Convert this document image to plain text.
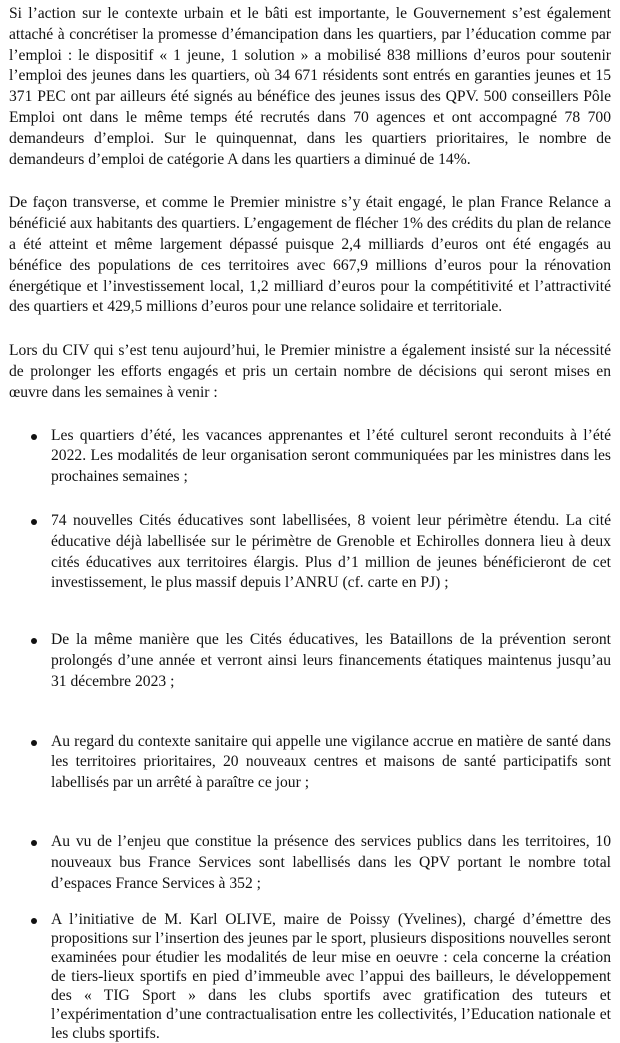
Si l’action sur le contexte urbain et le bâti est importante, le Gouvernement s’est également attaché à concrétiser la promesse d’émancipation dans les quartiers, par l’éducation comme par l’emploi : le dispositif « 1 jeune, 1 solution » a mobilisé 838 millions d’euros pour soutenir l’emploi des jeunes dans les quartiers, où 34 671 résidents sont entrés en garanties jeunes et 15 371 PEC ont par ailleurs été signés au bénéfice des jeunes issus des QPV. 500 conseillers Pôle Emploi ont dans le même temps été recrutés dans 70 agences et ont accompagné 78 700 demandeurs d’emploi. Sur le quinquennat, dans les quartiers prioritaires, le nombre de demandeurs d’emploi de catégorie A dans les quartiers a diminué de 14%.

De façon transverse, et comme le Premier ministre s’y était engagé, le plan France Relance a bénéficié aux habitants des quartiers. L’engagement de flécher 1% des crédits du plan de relance a été atteint et même largement dépassé puisque 2,4 milliards d’euros ont été engagés au bénéfice des populations de ces territoires avec 667,9 millions d’euros pour la rénovation énergétique et l’investissement local, 1,2 milliard d’euros pour la compétitivité et l’attractivité des quartiers et 429,5 millions d’euros pour une relance solidaire et territoriale.

Lors du CIV qui s’est tenu aujourd’hui, le Premier ministre a également insisté sur la nécessité de prolonger les efforts engagés et pris un certain nombre de décisions qui seront mises en œuvre dans les semaines à venir :

Les quartiers d’été, les vacances apprenantes et l’été culturel seront reconduits à l’été 2022. Les modalités de leur organisation seront communiquées par les ministres dans les prochaines semaines ;
74 nouvelles Cités éducatives sont labellisées, 8 voient leur périmètre étendu. La cité éducative déjà labellisée sur le périmètre de Grenoble et Echirolles donnera lieu à deux cités éducatives aux territoires élargis. Plus d’1 million de jeunes bénéficieront de cet investissement, le plus massif depuis l’ANRU (cf. carte en PJ) ;
De la même manière que les Cités éducatives, les Bataillons de la prévention seront prolongés d’une année et verront ainsi leurs financements étatiques maintenus jusqu’au 31 décembre 2023 ;
Au regard du contexte sanitaire qui appelle une vigilance accrue en matière de santé dans les territoires prioritaires, 20 nouveaux centres et maisons de santé participatifs sont labellisés par un arrêté à paraître ce jour ;
Au vu de l’enjeu que constitue la présence des services publics dans les territoires, 10 nouveaux bus France Services sont labellisés dans les QPV portant le nombre total d’espaces France Services à 352 ;
A l’initiative de M. Karl OLIVE, maire de Poissy (Yvelines), chargé d’émettre des propositions sur l’insertion des jeunes par le sport, plusieurs dispositions nouvelles seront examinées pour étudier les modalités de leur mise en oeuvre : cela concerne la création de tiers-lieux sportifs en pied d’immeuble avec l’appui des bailleurs, le développement des « TIG Sport » dans les clubs sportifs avec gratification des tuteurs et l’expérimentation d’une contractualisation entre les collectivités, l’Education nationale et les clubs sportifs.
